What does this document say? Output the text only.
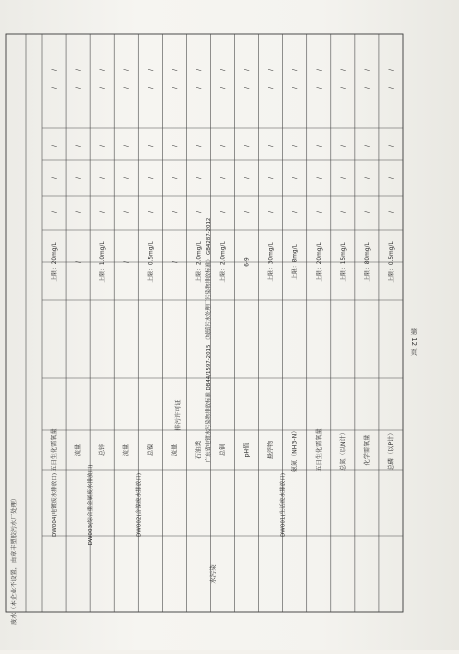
总磷（以P计）
上限：0.5mg/L
/
/
/
/
/
化学需氧量
上限：80mg/L
/
/
/
/
/
总氮（以N计）
上限：15mg/L
/
/
/
/
/
五日生化需氧量
上限：20mg/L
/
/
/
/
/
氨氮（NH3-N）
上限：8mg/L
/
/
/
/
/
悬浮物
上限：30mg/L
/
/
/
/
/
pH值
6-9
/
/
/
/
/
总铜
上限：2.0mg/L
/
/
/
/
/
石油类
上限：2.0mg/L
/
/
/
/
/
流量
/
/
/
/
/
/
总镍
上限：0.5mg/L
/
/
/
/
/
流量
/
/
/
/
/
/
总锌
上限：1.0mg/L
/
/
/
/
/
流量
/
/
/
/
/
/
五日生化需氧量
上限：20mg/L
/
/
/
/
/
DW001(生活废水排放口)
DW002(含镍废水排放口)
DW003(综合重金属废水排放口)
DW004(电镀废水排放口)
排污许可证	广东省电镀水污染物排放标准 DB44/1597-2015 《城镇污水处理厂污染物排放标准》 GB4287-2012
水污染
废水（本企业不设置，由章丰塑胶污水厂处理）
第 12 页
